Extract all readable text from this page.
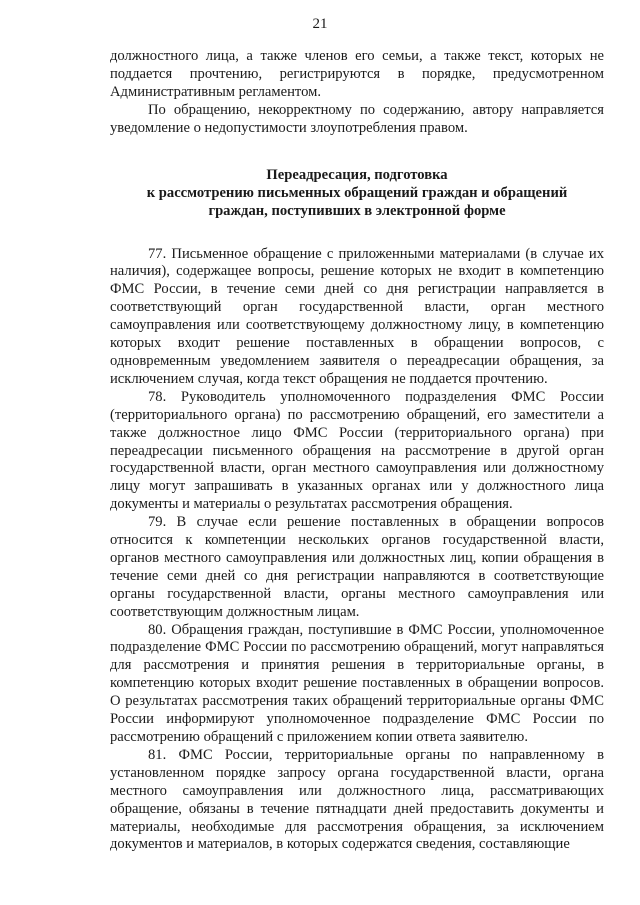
21

должностного лица, а также членов его семьи, а также текст, которых не поддается прочтению, регистрируются в порядке, предусмотренном Административным регламентом.

По обращению, некорректному по содержанию, автору направляется уведомление о недопустимости злоупотребления правом.

Переадресация, подготовка
к рассмотрению письменных обращений граждан и обращений
граждан, поступивших в электронной форме

77. Письменное обращение с приложенными материалами (в случае их наличия), содержащее вопросы, решение которых не входит в компетенцию ФМС России, в течение семи дней со дня регистрации направляется в соответствующий орган государственной власти, орган местного самоуправления или соответствующему должностному лицу, в компетенцию которых входит решение поставленных в обращении вопросов, с одновременным уведомлением заявителя о переадресации обращения, за исключением случая, когда текст обращения не поддается прочтению.

78. Руководитель уполномоченного подразделения ФМС России (территориального органа) по рассмотрению обращений, его заместители а также должностное лицо ФМС России (территориального органа) при переадресации письменного обращения на рассмотрение в другой орган государственной власти, орган местного самоуправления или должностному лицу могут запрашивать в указанных органах или у должностного лица документы и материалы о результатах рассмотрения обращения.

79. В случае если решение поставленных в обращении вопросов относится к компетенции нескольких органов государственной власти, органов местного самоуправления или должностных лиц, копии обращения в течение семи дней со дня регистрации направляются в соответствующие органы государственной власти, органы местного самоуправления или соответствующим должностным лицам.

80. Обращения граждан, поступившие в ФМС России, уполномоченное подразделение ФМС России по рассмотрению обращений, могут направляться для рассмотрения и принятия решения в территориальные органы, в компетенцию которых входит решение поставленных в обращении вопросов. О результатах рассмотрения таких обращений территориальные органы ФМС России информируют уполномоченное подразделение ФМС России по рассмотрению обращений с приложением копии ответа заявителю.

81. ФМС России, территориальные органы по направленному в установленном порядке запросу органа государственной власти, органа местного самоуправления или должностного лица, рассматривающих обращение, обязаны в течение пятнадцати дней предоставить документы и материалы, необходимые для рассмотрения обращения, за исключением документов и материалов, в которых содержатся сведения, составляющие
